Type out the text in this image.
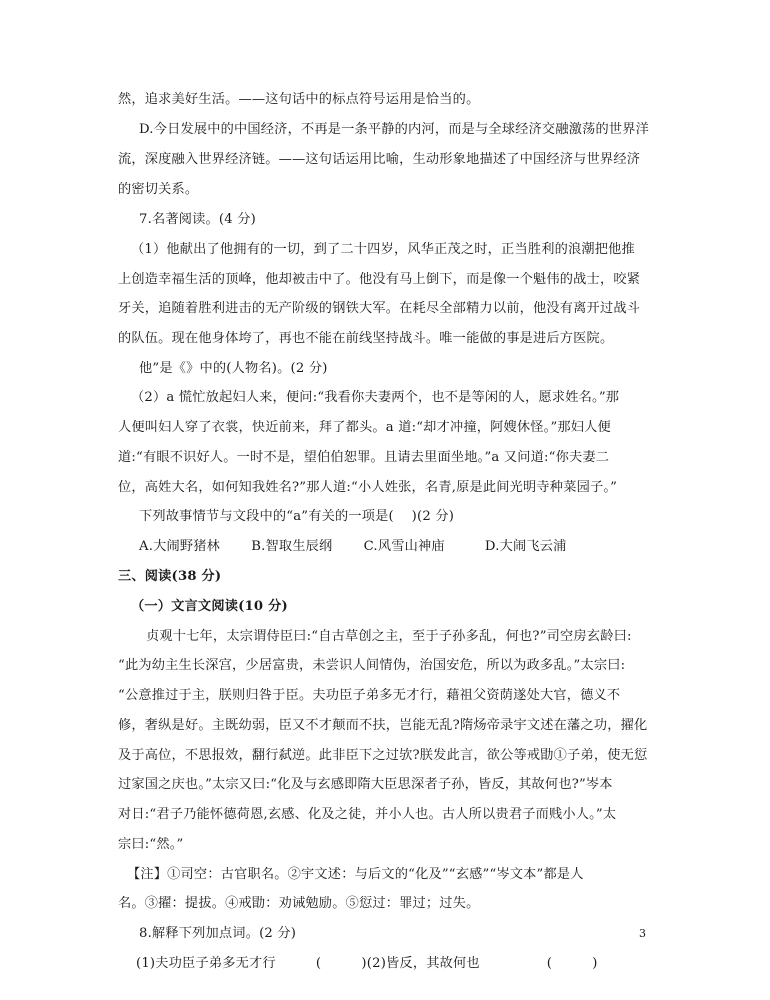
然，追求美好生活。——这句话中的标点符号运用是恰当的。
D.今日发展中的中国经济，不再是一条平静的内河，而是与全球经济交融激荡的世界洋
流，深度融入世界经济链。——这句话运用比喻，生动形象地描述了中国经济与世界经济
的密切关系。
7.名著阅读。(4 分)
（1）他献出了他拥有的一切，到了二十四岁，风华正茂之时，正当胜利的浪潮把他推
上创造幸福生活的顶峰，他却被击中了。他没有马上倒下，而是像一个魁伟的战士，咬紧
牙关，追随着胜利进击的无产阶级的钢铁大军。在耗尽全部精力以前，他没有离开过战斗
的队伍。现在他身体垮了，再也不能在前线坚持战斗。唯一能做的事是进后方医院。
他”是《》中的(人物名)。(2 分)
（2）a 慌忙放起妇人来，便问:“我看你夫妻两个，也不是等闲的人，愿求姓名。”那
人便叫妇人穿了衣裳，快近前来，拜了都头。a 道:“却才冲撞，阿嫂休怪。”那妇人便
道:“有眼不识好人。一时不是，望伯伯恕罪。且请去里面坐地。”a 又问道:“你夫妻二
位，高姓大名，如何知我姓名?”那人道:“小人姓张，名青,原是此间光明寺种菜园子。”
下列故事情节与文段中的“a”有关的一项是(　 )(2 分)
A.大闹野猪林　　 B.智取生辰纲　　 C.风雪山神庙　　　D.大闹飞云浦
三、阅读(38 分)
（一）文言文阅读(10 分)
贞观十七年，太宗谓侍臣曰:“自古草创之主，至于子孙多乱，何也?”司空房玄龄曰:
“此为幼主生长深宫，少居富贵，未尝识人间情伪，治国安危，所以为政多乱。”太宗曰:
“公意推过于主，朕则归咎于臣。夫功臣子弟多无才行，藉祖父资荫遂处大官，德义不
修，奢纵是好。主既幼弱，臣又不才颠而不扶，岂能无乱?隋炀帝录宇文述在藩之功，擢化
及于高位，不思报效，翻行弑逆。此非臣下之过欤?朕发此言，欲公等戒勖①子弟，使无愆
过家国之庆也。”太宗又曰:“化及与玄感即隋大臣思深者子孙，皆反，其故何也?”岑本
对日:“君子乃能怀德荷恩,玄感、化及之徒，并小人也。古人所以贵君子而贱小人。”太
宗曰:“然。”
【注】①司空：古官职名。②宇文述：与后文的“化及”“玄感”“岑文本”都是人
名。③擢：提拔。④戒勖：劝诫勉励。⑤愆过：罪过；过失。
8.解释下列加点词。(2 分)
(1)夫功臣子弟多无才行　　　(　　　)(2)皆反，其故何也　　　　　(　　　)
3
